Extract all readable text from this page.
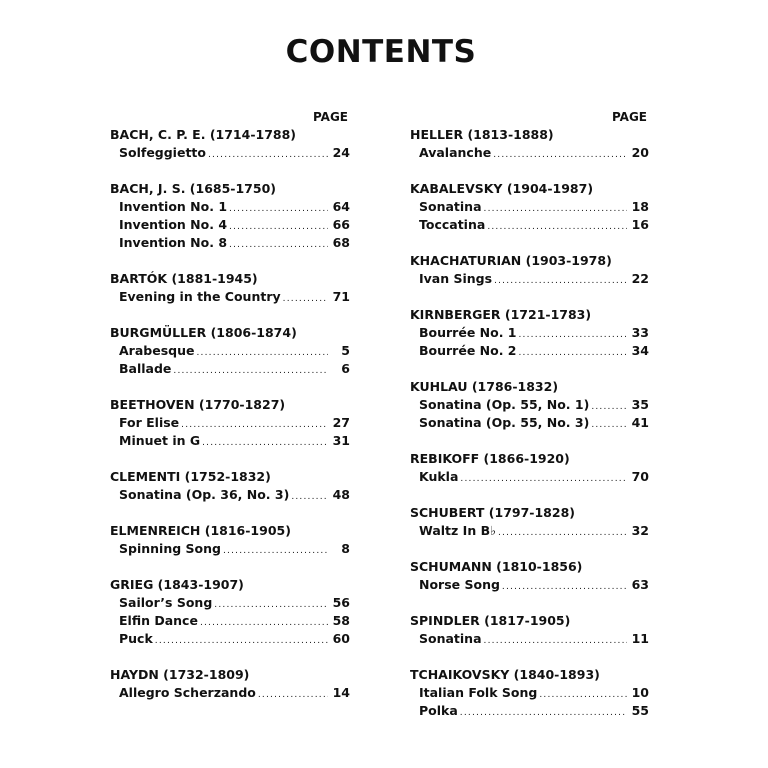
CONTENTS
PAGE
BACH, C. P. E. (1714-1788)
Solfeggietto .....	24
BACH, J. S. (1685-1750)
Invention No. 1 .....	64
Invention No. 4 .....	66
Invention No. 8 .....	68
BARTÓK (1881-1945)
Evening in the Country .....	71
BURGMÜLLER (1806-1874)
Arabesque .....	5
Ballade .....	6
BEETHOVEN (1770-1827)
For Elise .....	27
Minuet in G .....	31
CLEMENTI (1752-1832)
Sonatina (Op. 36, No. 3) .....	48
ELMENREICH (1816-1905)
Spinning Song .....	8
GRIEG (1843-1907)
Sailor’s Song .....	56
Elfin Dance .....	58
Puck .....	60
HAYDN (1732-1809)
Allegro Scherzando .....	14
PAGE
HELLER (1813-1888)
Avalanche .....	20
KABALEVSKY (1904-1987)
Sonatina .....	18
Toccatina .....	16
KHACHATURIAN (1903-1978)
Ivan Sings .....	22
KIRNBERGER (1721-1783)
Bourrée No. 1 .....	33
Bourrée No. 2 .....	34
KUHLAU (1786-1832)
Sonatina (Op. 55, No. 1) .....	35
Sonatina (Op. 55, No. 3) .....	41
REBIKOFF (1866-1920)
Kukla .....	70
SCHUBERT (1797-1828)
Waltz In B♭ .....	32
SCHUMANN (1810-1856)
Norse Song .....	63
SPINDLER (1817-1905)
Sonatina .....	11
TCHAIKOVSKY (1840-1893)
Italian Folk Song .....	10
Polka .....	55
